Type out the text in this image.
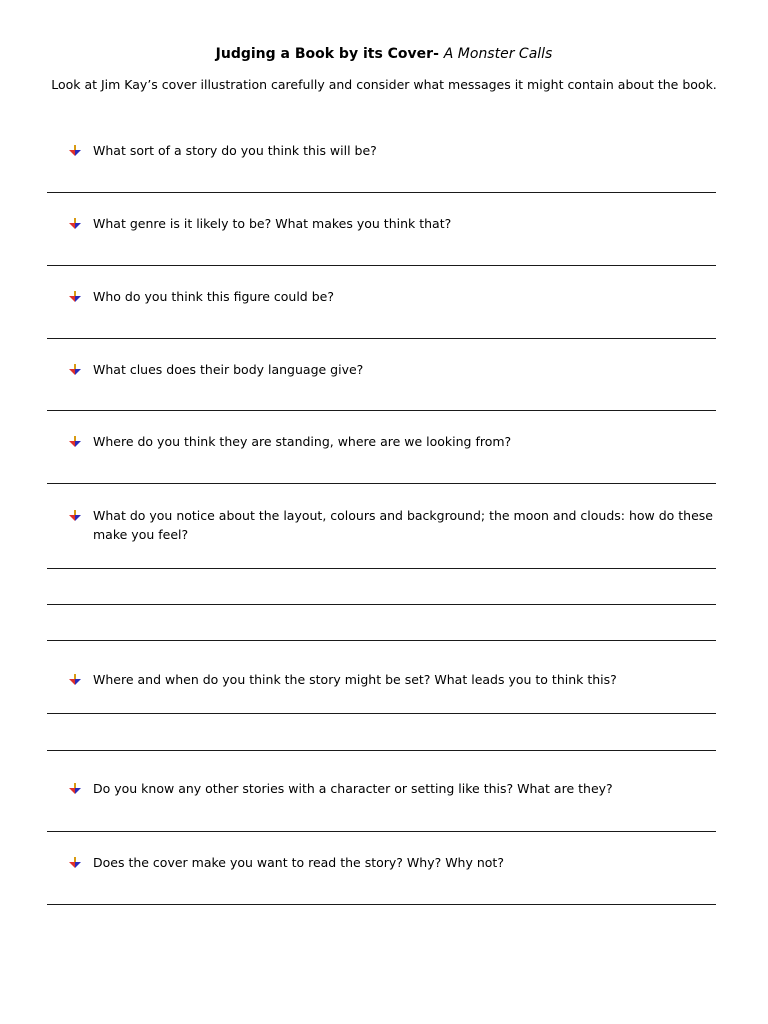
Judging a Book by its Cover- A Monster Calls
Look at Jim Kay’s cover illustration carefully and consider what messages it might contain about the book.
What sort of a story do you think this will be?
What genre is it likely to be? What makes you think that?
Who do you think this figure could be?
What clues does their body language give?
Where do you think they are standing, where are we looking from?
What do you notice about the layout, colours and background; the moon and clouds: how do these make you feel?
Where and when do you think the story might be set? What leads you to think this?
Do you know any other stories with a character or setting like this? What are they?
Does the cover make you want to read the story? Why? Why not?
